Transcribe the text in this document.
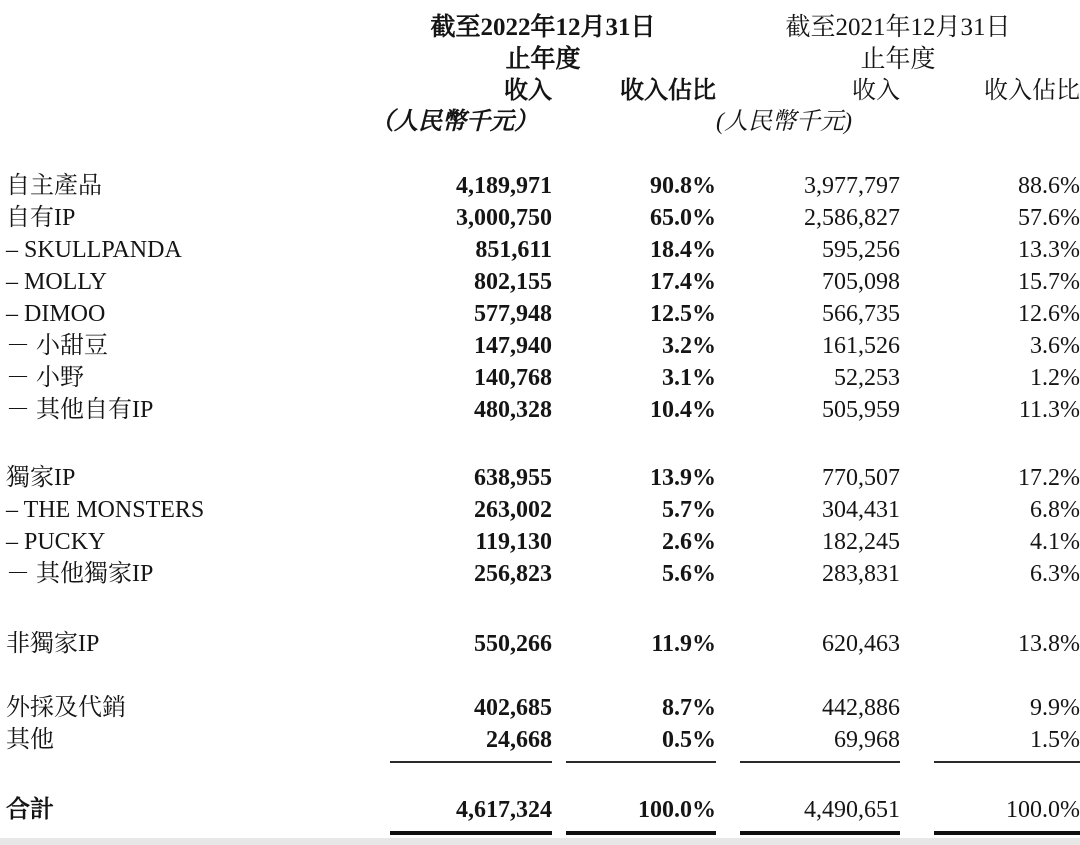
	截至2022年12月31日
止年度		截至2021年12月31日
止年度	
	收入	收入佔比	收入	收入佔比
	（人民幣千元）		(人民幣千元)	

自主產品	4,189,971	90.8%	3,977,797	88.6%
自有IP	3,000,750	65.0%	2,586,827	57.6%
– SKULLPANDA	851,611	18.4%	595,256	13.3%
– MOLLY	802,155	17.4%	705,098	15.7%
– DIMOO	577,948	12.5%	566,735	12.6%
－ 小甜豆	147,940	3.2%	161,526	3.6%
－ 小野	140,768	3.1%	52,253	1.2%
－ 其他自有IP	480,328	10.4%	505,959	11.3%

獨家IP	638,955	13.9%	770,507	17.2%
– THE MONSTERS	263,002	5.7%	304,431	6.8%
– PUCKY	119,130	2.6%	182,245	4.1%
－ 其他獨家IP	256,823	5.6%	283,831	6.3%

非獨家IP	550,266	11.9%	620,463	13.8%

外採及代銷	402,685	8.7%	442,886	9.9%
其他	24,668	0.5%	69,968	1.5%

合計	4,617,324	100.0%	4,490,651	100.0%
